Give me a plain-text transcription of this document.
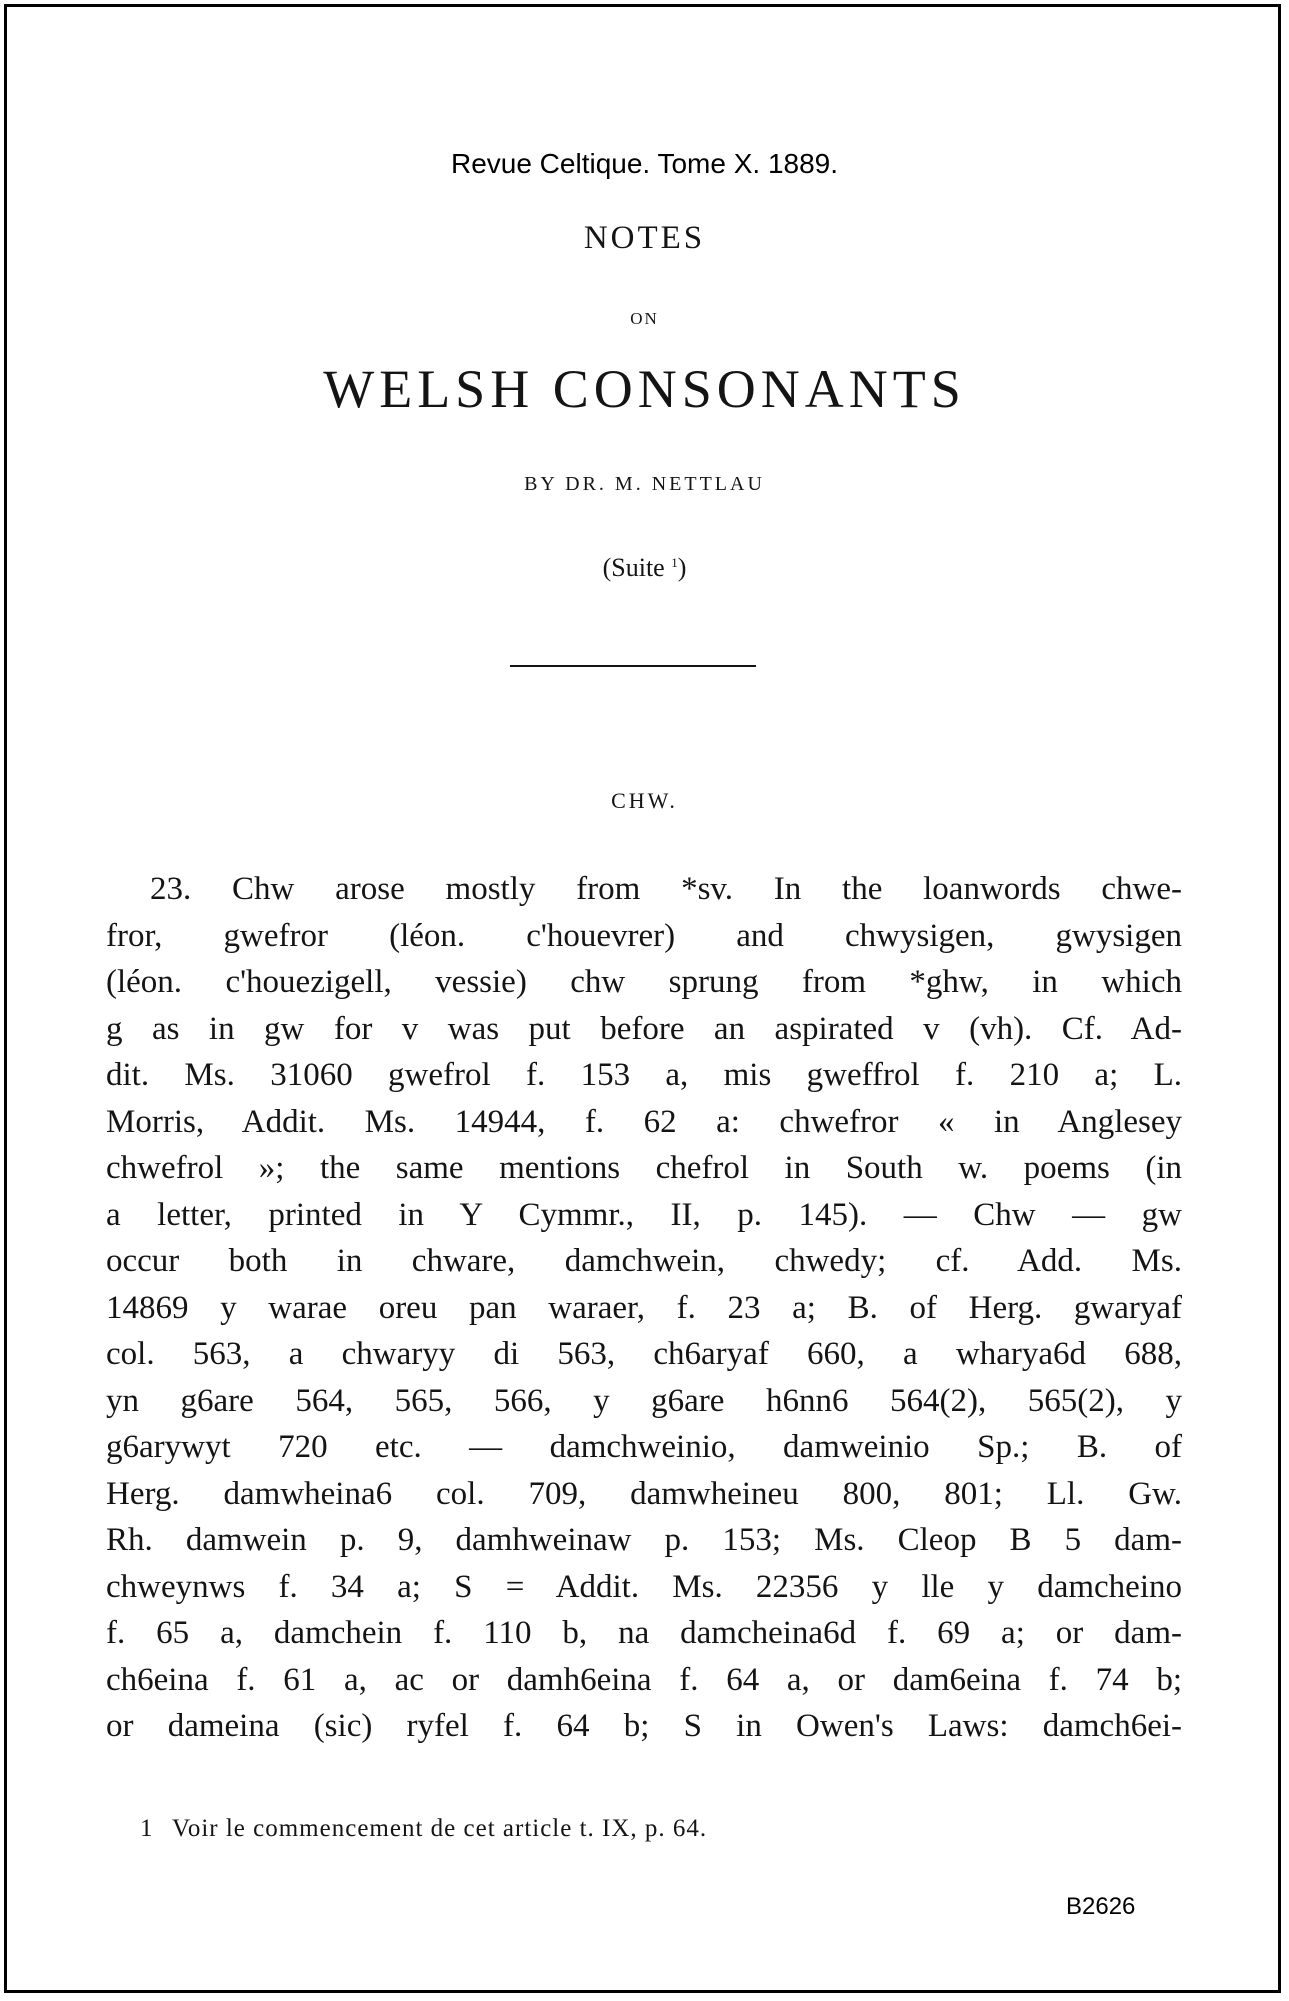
Revue Celtique. Tome X. 1889.
NOTES
ON
WELSH CONSONANTS
BY DR. M. NETTLAU
(Suite $^1$)
CHW.
23. Chw arose mostly from *sv. In the loanwords chwe-
fror, gwefror (léon. c'houevrer) and chwysigen, gwysigen
(léon. c'houezigell, vessie) chw sprung from *ghw, in which
g as in gw for v was put before an aspirated v (vh). Cf. Ad-
dit. Ms. 31060 gwefrol f. 153 a, mis gweffrol f. 210 a; L.
Morris, Addit. Ms. 14944, f. 62 a: chwefror « in Anglesey
chwefrol »; the same mentions chefrol in South w. poems (in
a letter, printed in Y Cymmr., II, p. 145). — Chw — gw
occur both in chware, damchwein, chwedy; cf. Add. Ms.
14869 y warae oreu pan waraer, f. 23 a; B. of Herg. gwaryaf
col. 563, a chwaryy di 563, ch6aryaf 660, a wharya6d 688,
yn g6are 564, 565, 566, y g6are h6nn6 564(2), 565(2), y
g6arywyt 720 etc. — damchweinio, damweinio Sp.; B. of
Herg. damwheina6 col. 709, damwheineu 800, 801; Ll. Gw.
Rh. damwein p. 9, damhweinaw p. 153; Ms. Cleop B 5 dam-
chweynws f. 34 a; S = Addit. Ms. 22356 y lle y damcheino
f. 65 a, damchein f. 110 b, na damcheina6d f. 69 a; or dam-
ch6eina f. 61 a, ac or damh6eina f. 64 a, or dam6eina f. 74 b;
or dameina (sic) ryfel f. 64 b; S in Owen's Laws: damch6ei-
1 Voir le commencement de cet article t. IX, p. 64.
B2626
